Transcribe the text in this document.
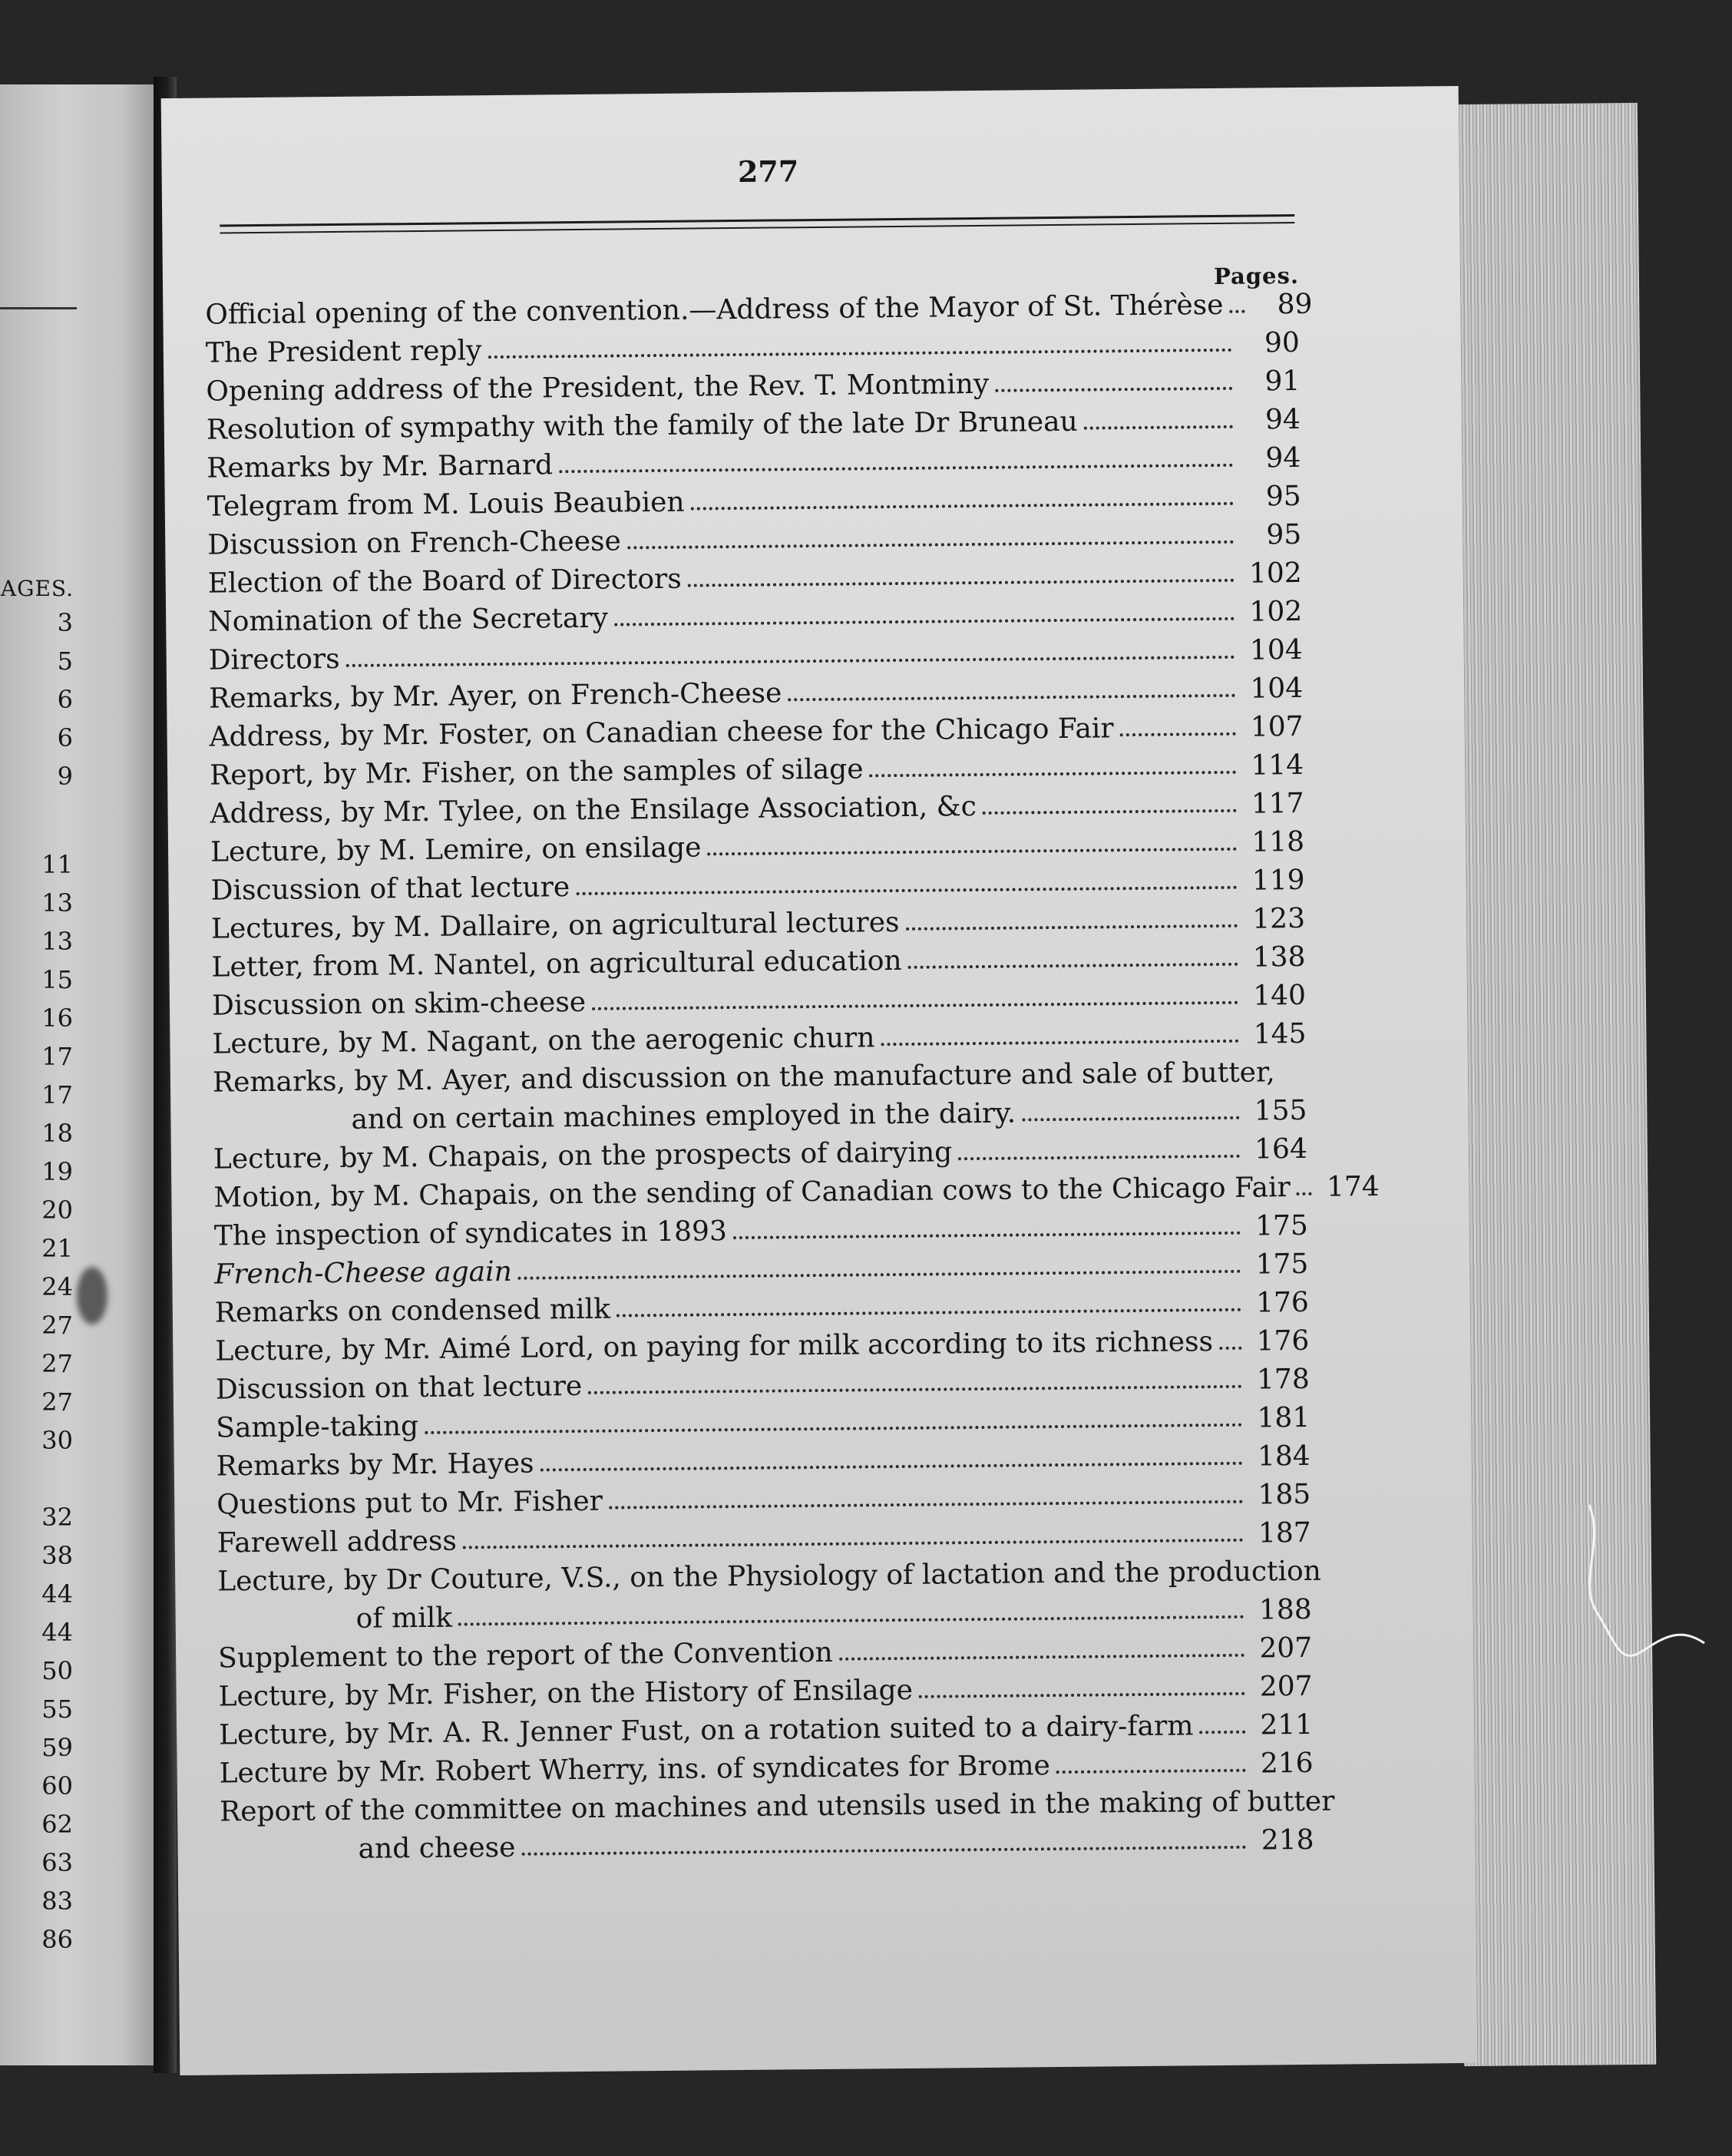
AGES.
3
5
6
6
9
11
13
13
15
16
17
17
18
19
20
21
24
27
27
27
30
32
38
44
44
50
55
59
60
62
63
83
86
277
Pages.
Official opening of the convention.—Address of the Mayor of St. Thérèse	89
The President reply	90
Opening address of the President, the Rev. T. Montminy	91
Resolution of sympathy with the family of the late Dr Bruneau	94
Remarks by Mr. Barnard	94
Telegram from M. Louis Beaubien	95
Discussion on French-Cheese	95
Election of the Board of Directors	102
Nomination of the Secretary	102
Directors	104
Remarks, by Mr. Ayer, on French-Cheese	104
Address, by Mr. Foster, on Canadian cheese for the Chicago Fair	107
Report, by Mr. Fisher, on the samples of silage	114
Address, by Mr. Tylee, on the Ensilage Association, &c	117
Lecture, by M. Lemire, on ensilage	118
Discussion of that lecture	119
Lectures, by M. Dallaire, on agricultural lectures	123
Letter, from M. Nantel, on agricultural education	138
Discussion on skim-cheese	140
Lecture, by M. Nagant, on the aerogenic churn	145
Remarks, by M. Ayer, and discussion on the manufacture and sale of butter,
and on certain machines employed in the dairy.	155
Lecture, by M. Chapais, on the prospects of dairying	164
Motion, by M. Chapais, on the sending of Canadian cows to the Chicago Fair	174
The inspection of syndicates in 1893	175
French-Cheese again	175
Remarks on condensed milk	176
Lecture, by Mr. Aimé Lord, on paying for milk according to its richness	176
Discussion on that lecture	178
Sample-taking	181
Remarks by Mr. Hayes	184
Questions put to Mr. Fisher	185
Farewell address	187
Lecture, by Dr Couture, V.S., on the Physiology of lactation and the production
of milk	188
Supplement to the report of the Convention	207
Lecture, by Mr. Fisher, on the History of Ensilage	207
Lecture, by Mr. A. R. Jenner Fust, on a rotation suited to a dairy-farm	211
Lecture by Mr. Robert Wherry, ins. of syndicates for Brome	216
Report of the committee on machines and utensils used in the making of butter
and cheese	218
